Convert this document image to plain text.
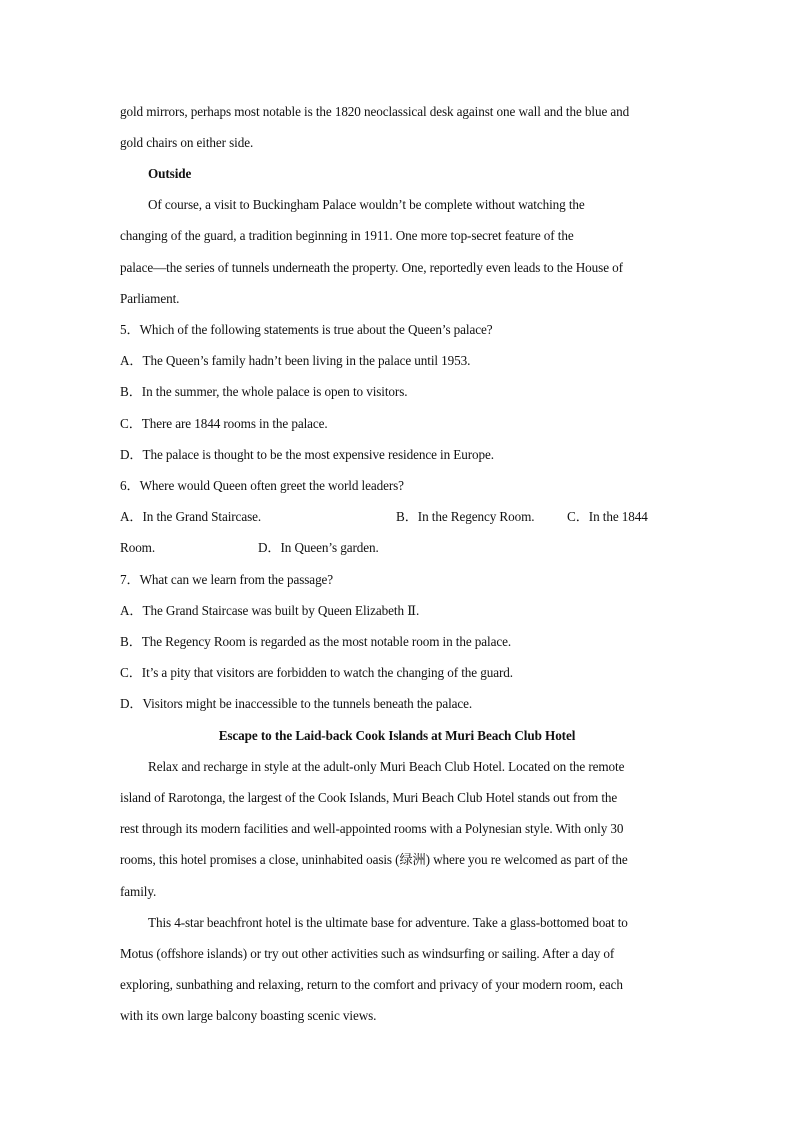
gold mirrors, perhaps most notable is the 1820 neoclassical desk against one wall and the blue and
gold chairs on either side.
Outside
Of course, a visit to Buckingham Palace wouldn’t be complete without watching the
changing of the guard, a tradition beginning in 1911. One more top-secret feature of the
palace—the series of tunnels underneath the property. One, reportedly even leads to the House of
Parliament.
5．Which of the following statements is true about the Queen’s palace?
A．The Queen’s family hadn’t been living in the palace until 1953.
B．In the summer, the whole palace is open to visitors.
C．There are 1844 rooms in the palace.
D．The palace is thought to be the most expensive residence in Europe.
6．Where would Queen often greet the world leaders?
A．In the Grand Staircase.	B．In the Regency Room. C．In the 1844
Room.	D．In Queen’s garden.
7．What can we learn from the passage?
A．The Grand Staircase was built by Queen Elizabeth Ⅱ.
B．The Regency Room is regarded as the most notable room in the palace.
C．It’s a pity that visitors are forbidden to watch the changing of the guard.
D．Visitors might be inaccessible to the tunnels beneath the palace.
Escape to the Laid-back Cook Islands at Muri Beach Club Hotel
Relax and recharge in style at the adult-only Muri Beach Club Hotel. Located on the remote
island of Rarotonga, the largest of the Cook Islands, Muri Beach Club Hotel stands out from the
rest through its modern facilities and well-appointed rooms with a Polynesian style. With only 30
rooms, this hotel promises a close, uninhabited oasis (绿洲) where you re welcomed as part of the
family.
This 4-star beachfront hotel is the ultimate base for adventure. Take a glass-bottomed boat to
Motus (offshore islands) or try out other activities such as windsurfing or sailing. After a day of
exploring, sunbathing and relaxing, return to the comfort and privacy of your modern room, each
with its own large balcony boasting scenic views.
